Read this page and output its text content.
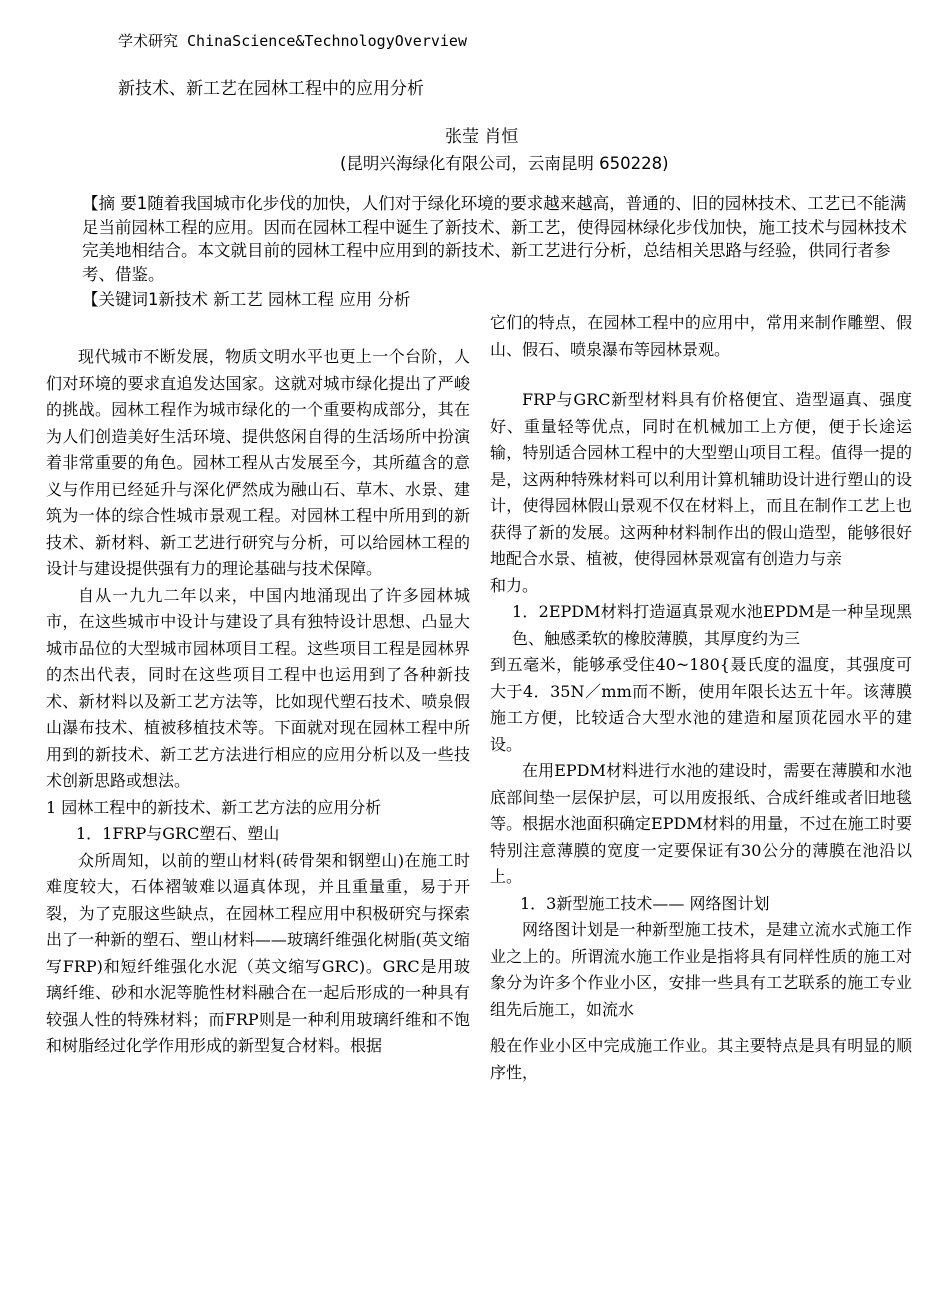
学术研究 ChinaScience&TechnologyOverview
新技术、新工艺在园林工程中的应用分析
张莹 肖恒
(昆明兴海绿化有限公司，云南昆明 650228)

【摘 要1随着我国城市化步伐的加快，人们对于绿化环境的要求越来越高，普通的、旧的园林技术、工艺已不能满足当前园林工程的应用。因而在园林工程中诞生了新技术、新工艺，使得园林绿化步伐加快，施工技术与园林技术完美地相结合。本文就目前的园林工程中应用到的新技术、新工艺进行分析，总结相关思路与经验，供同行者参考、借鉴。

【关键词1新技术 新工艺 园林工程 应用 分析

现代城市不断发展，物质文明水平也更上一个台阶，人们对环境的要求直追发达国家。这就对城市绿化提出了严峻的挑战。园林工程作为城市绿化的一个重要构成部分，其在为人们创造美好生活环境、提供悠闲自得的生活场所中扮演着非常重要的角色。园林工程从古发展至今，其所蕴含的意义与作用已经延升与深化俨然成为融山石、草木、水景、建筑为一体的综合性城市景观工程。对园林工程中所用到的新技术、新材料、新工艺进行研究与分析，可以给园林工程的设计与建设提供强有力的理论基础与技术保障。

自从一九九二年以来，中国内地涌现出了许多园林城市，在这些城市中设计与建设了具有独特设计思想、凸显大城市品位的大型城市园林项目工程。这些项目工程是园林界的杰出代表，同时在这些项目工程中也运用到了各种新技术、新材料以及新工艺方法等，比如现代塑石技术、喷泉假山瀑布技术、植被移植技术等。下面就对现在园林工程中所用到的新技术、新工艺方法进行相应的应用分析以及一些技术创新思路或想法。

1 园林工程中的新技术、新工艺方法的应用分析

1．1FRP与GRC塑石、塑山

众所周知，以前的塑山材料(砖骨架和钢塑山)在施工时难度较大，石体褶皱难以逼真体现，并且重量重，易于开裂，为了克服这些缺点，在园林工程应用中积极研究与探索出了一种新的塑石、塑山材料——玻璃纤维强化树脂(英文缩写FRP)和短纤维强化水泥（英文缩写GRC)。GRC是用玻璃纤维、砂和水泥等脆性材料融合在一起后形成的一种具有较强人性的特殊材料；而FRP则是一种利用玻璃纤维和不饱和树脂经过化学作用形成的新型复合材料。根据

它们的特点，在园林工程中的应用中，常用来制作雕塑、假山、假石、喷泉瀑布等园林景观。

FRP与GRC新型材料具有价格便宜、造型逼真、强度好、重量轻等优点，同时在机械加工上方便，便于长途运输，特别适合园林工程中的大型塑山项目工程。值得一提的是，这两种特殊材料可以利用计算机辅助设计进行塑山的设计，使得园林假山景观不仅在材料上，而且在制作工艺上也获得了新的发展。这两种材料制作出的假山造型，能够很好地配合水景、植被，使得园林景观富有创造力与亲

和力。

1．2EPDM材料打造逼真景观水池EPDM是一种呈现黑色、触感柔软的橡胶薄膜，其厚度约为三

到五毫米，能够承受住40~180{聂氏度的温度，其强度可大于4．35N／mm而不断，使用年限长达五十年。该薄膜施工方便，比较适合大型水池的建造和屋顶花园水平的建设。

在用EPDM材料进行水池的建设时，需要在薄膜和水池底部间垫一层保护层，可以用废报纸、合成纤维或者旧地毯等。根据水池面积确定EPDM材料的用量，不过在施工时要特别注意薄膜的宽度一定要保证有30公分的薄膜在池沿以上。

1．3新型施工技术—— 网络图计划

网络图计划是一种新型施工技术，是建立流水式施工作业之上的。所谓流水施工作业是指将具有同样性质的施工对象分为许多个作业小区，安排一些具有工艺联系的施工专业组先后施工，如流水

般在作业小区中完成施工作业。其主要特点是具有明显的顺序性，
